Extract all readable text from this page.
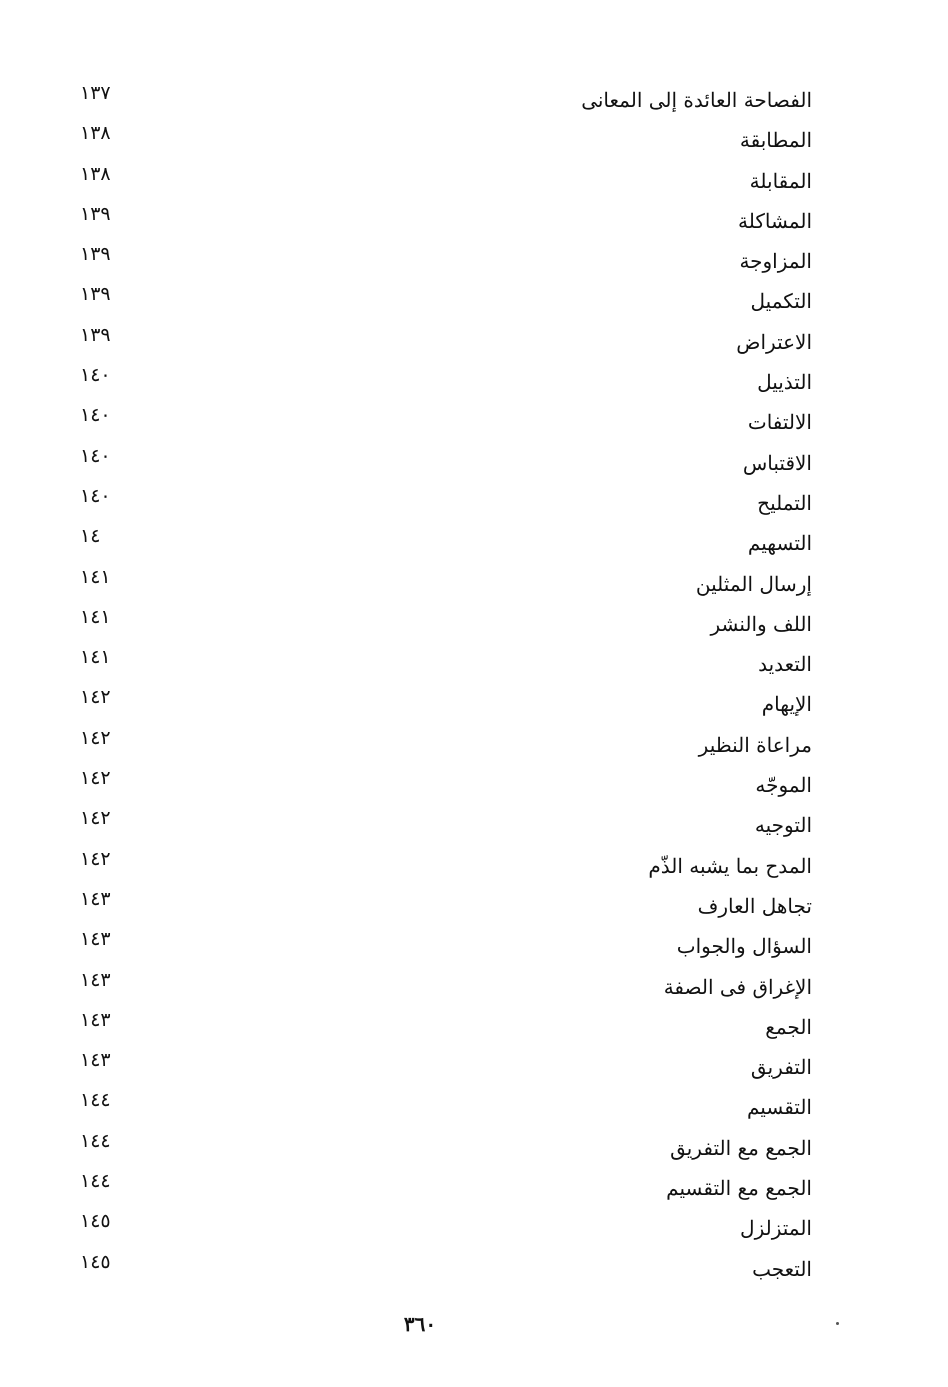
الفصاحة العائدة إلى المعانى
١٣٧
المطابقة
١٣٨
المقابلة
١٣٨
المشاكلة
١٣٩
المزاوجة
١٣٩
التكميل
١٣٩
الاعتراض
١٣٩
التذييل
١٤٠
الالتفات
١٤٠
الاقتباس
١٤٠
التمليح
١٤٠
التسهيم
١٤
إرسال المثلين
١٤١
اللف والنشر
١٤١
التعديد
١٤١
الإيهام
١٤٢
مراعاة النظير
١٤٢
الموجّه
١٤٢
التوجيه
١٤٢
المدح بما يشبه الذّم
١٤٢
تجاهل العارف
١٤٣
السؤال والجواب
١٤٣
الإغراق فى الصفة
١٤٣
الجمع
١٤٣
التفريق
١٤٣
التقسيم
١٤٤
الجمع مع التفريق
١٤٤
الجمع مع التقسيم
١٤٤
المتزلزل
١٤٥
التعجب
١٤٥
٣٦٠
